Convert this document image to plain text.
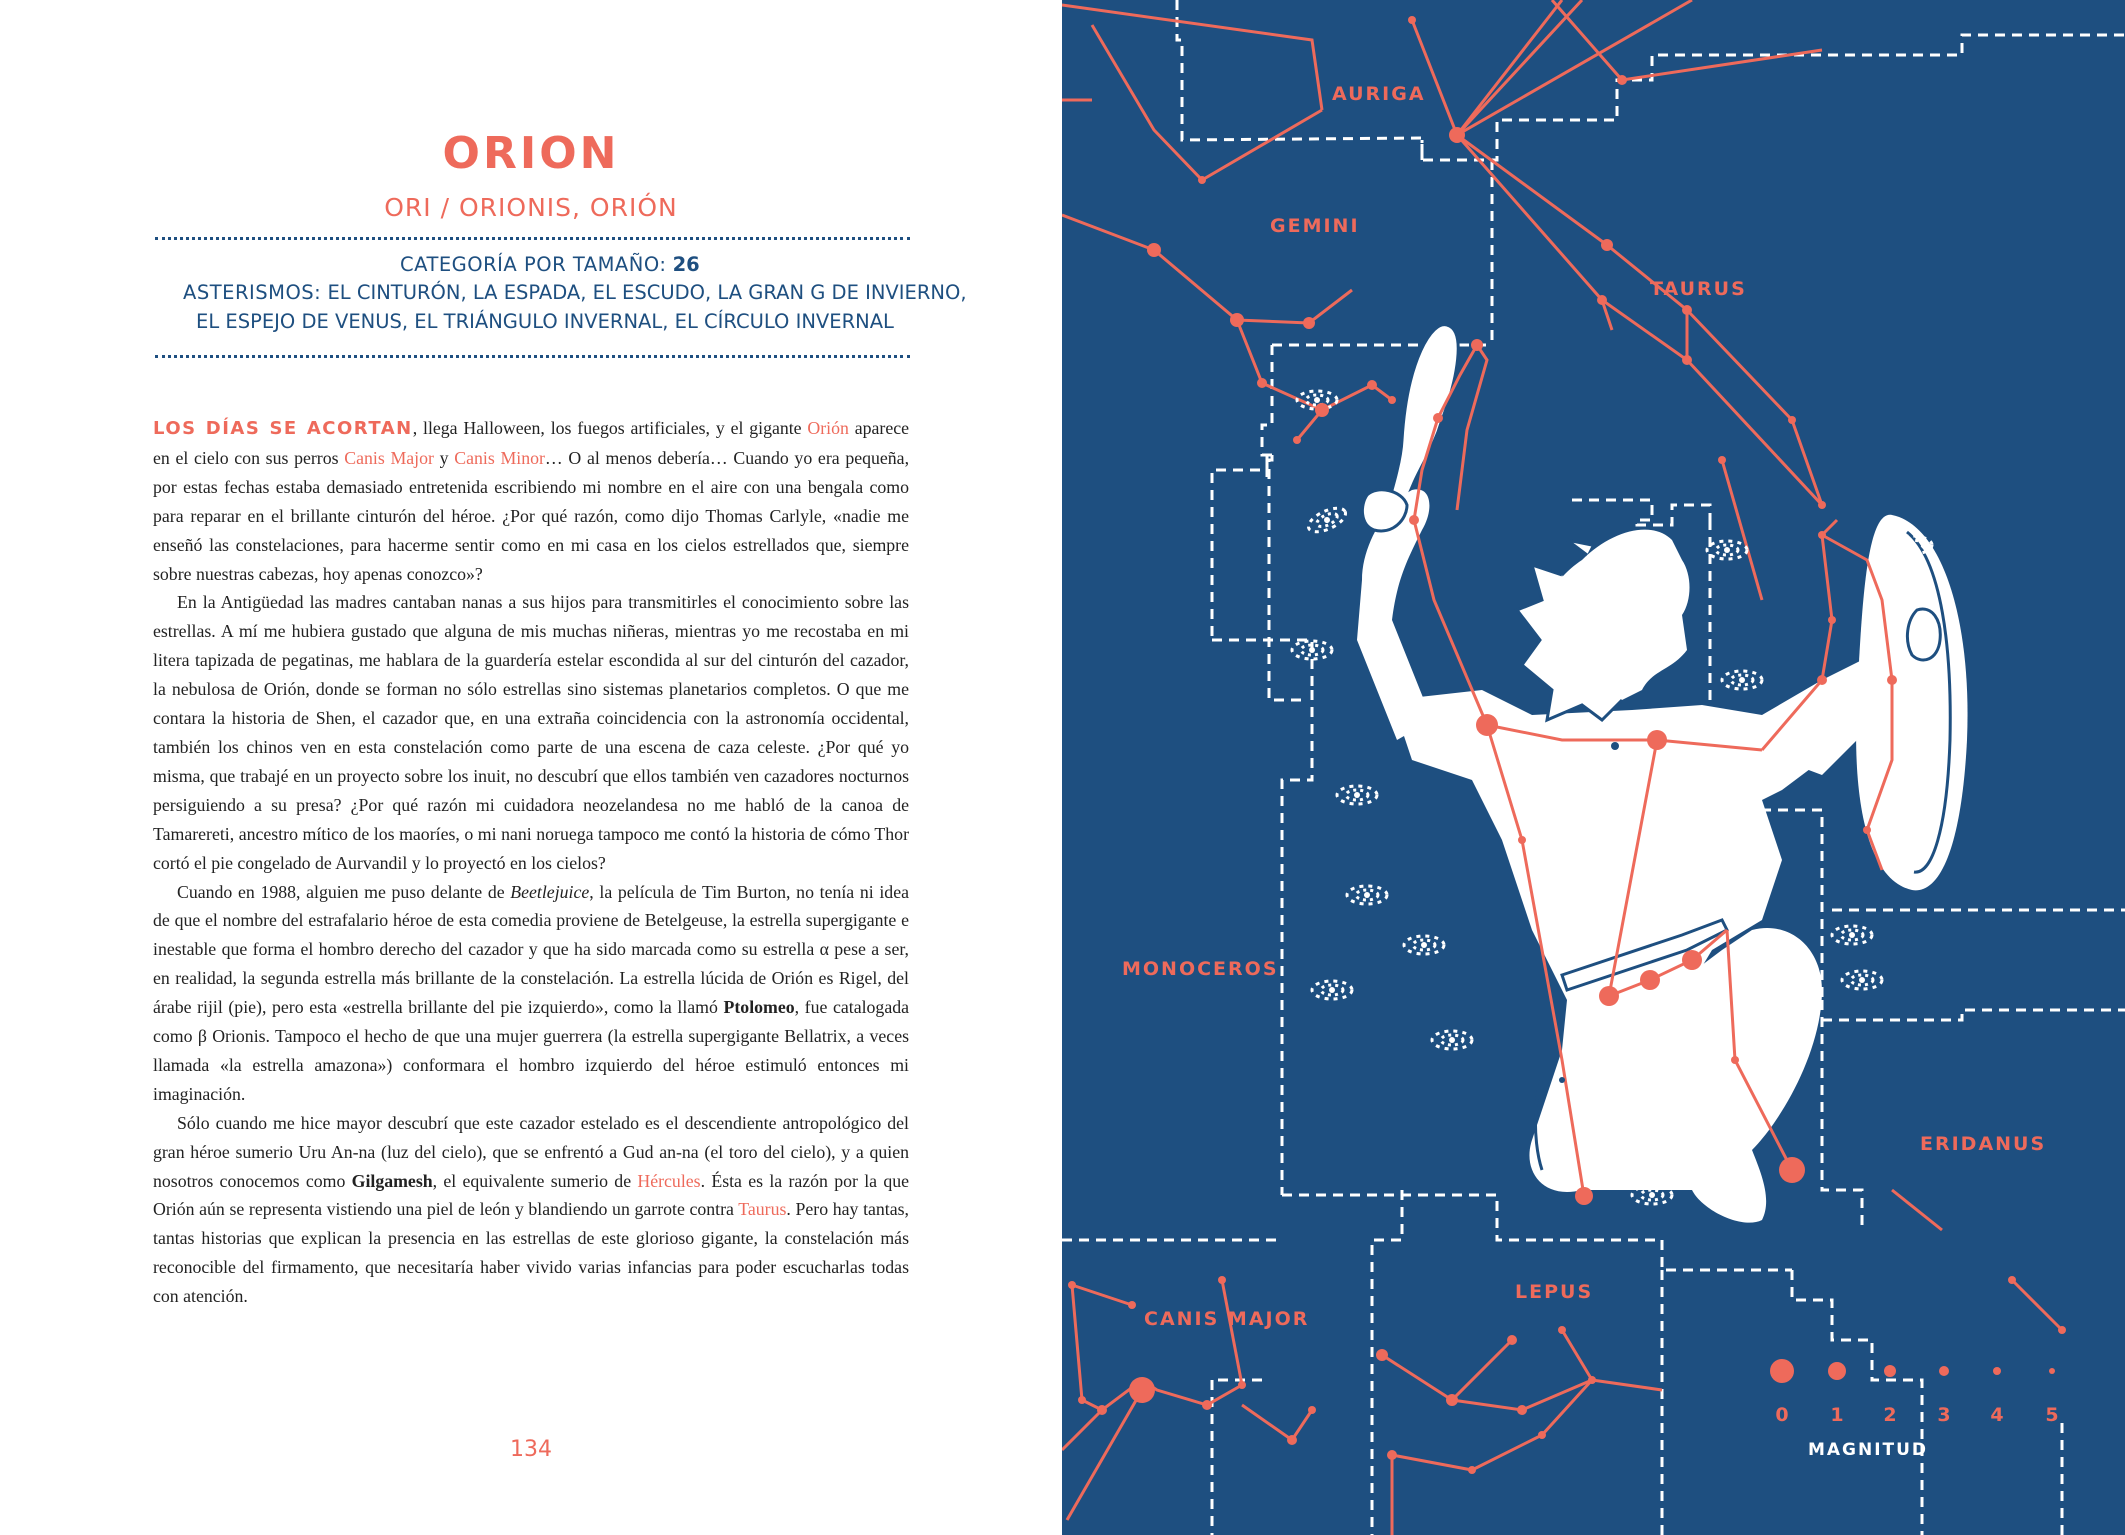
ORION
ORI / ORIONIS, ORIÓN
CATEGORÍA POR TAMAÑO: 26
ASTERISMOS: EL CINTURÓN, LA ESPADA, EL ESCUDO, LA GRAN G DE INVIERNO,
EL ESPEJO DE VENUS, EL TRIÁNGULO INVERNAL, EL CÍRCULO INVERNAL

LOS DÍAS SE ACORTAN, llega Halloween, los fuegos artificiales, y el gigante Orión aparece en el cielo con sus perros Canis Major y Canis Minor… O al menos debería… Cuando yo era pequeña, por estas fechas estaba demasiado entretenida escribiendo mi nombre en el aire con una bengala como para reparar en el brillante cinturón del héroe. ¿Por qué razón, como dijo Thomas Carlyle, «nadie me enseñó las constelaciones, para hacerme sentir como en mi casa en los cielos estrellados que, siempre sobre nuestras cabezas, hoy apenas conozco»?

En la Antigüedad las madres cantaban nanas a sus hijos para transmitirles el conocimiento sobre las estrellas. A mí me hubiera gustado que alguna de mis muchas niñeras, mientras yo me recostaba en mi litera tapizada de pegatinas, me hablara de la guardería estelar escondida al sur del cinturón del cazador, la nebulosa de Orión, donde se forman no sólo estrellas sino sistemas planetarios completos. O que me contara la historia de Shen, el cazador que, en una extraña coincidencia con la astronomía occidental, también los chinos ven en esta constelación como parte de una escena de caza celeste. ¿Por qué yo misma, que trabajé en un proyecto sobre los inuit, no descubrí que ellos también ven cazadores nocturnos persiguiendo a su presa? ¿Por qué razón mi cuidadora neozelandesa no me habló de la canoa de Tamarereti, ancestro mítico de los maoríes, o mi nani noruega tampoco me contó la historia de cómo Thor cortó el pie congelado de Aurvandil y lo proyectó en los cielos?

Cuando en 1988, alguien me puso delante de Beetlejuice, la película de Tim Burton, no tenía ni idea de que el nombre del estrafalario héroe de esta comedia proviene de Betelgeuse, la estrella supergigante e inestable que forma el hombro derecho del cazador y que ha sido marcada como su estrella α pese a ser, en realidad, la segunda estrella más brillante de la constelación. La estrella lúcida de Orión es Rigel, del árabe rijil (pie), pero esta «estrella brillante del pie izquierdo», como la llamó Ptolomeo, fue catalogada como β Orionis. Tampoco el hecho de que una mujer guerrera (la estrella supergigante Bellatrix, a veces llamada «la estrella amazona») conformara el hombro izquierdo del héroe estimuló entonces mi imaginación.

Sólo cuando me hice mayor descubrí que este cazador estelado es el descendiente antropológico del gran héroe sumerio Uru An-na (luz del cielo), que se enfrentó a Gud an-na (el toro del cielo), y a quien nosotros conocemos como Gilgamesh, el equivalente sumerio de Hércules. Ésta es la razón por la que Orión aún se representa vistiendo una piel de león y blandiendo un garrote contra Taurus. Pero hay tantas, tantas historias que explican la presencia en las estrellas de este glorioso gigante, la constelación más reconocible del firmamento, que necesitaría haber vivido varias infancias para poder escucharlas todas con atención.

134
AURIGA
GEMINI
TAURUS
MONOCEROS
ERIDANUS
LEPUS
CANIS MAJOR
0 1 2 3 4 5
MAGNITUD
